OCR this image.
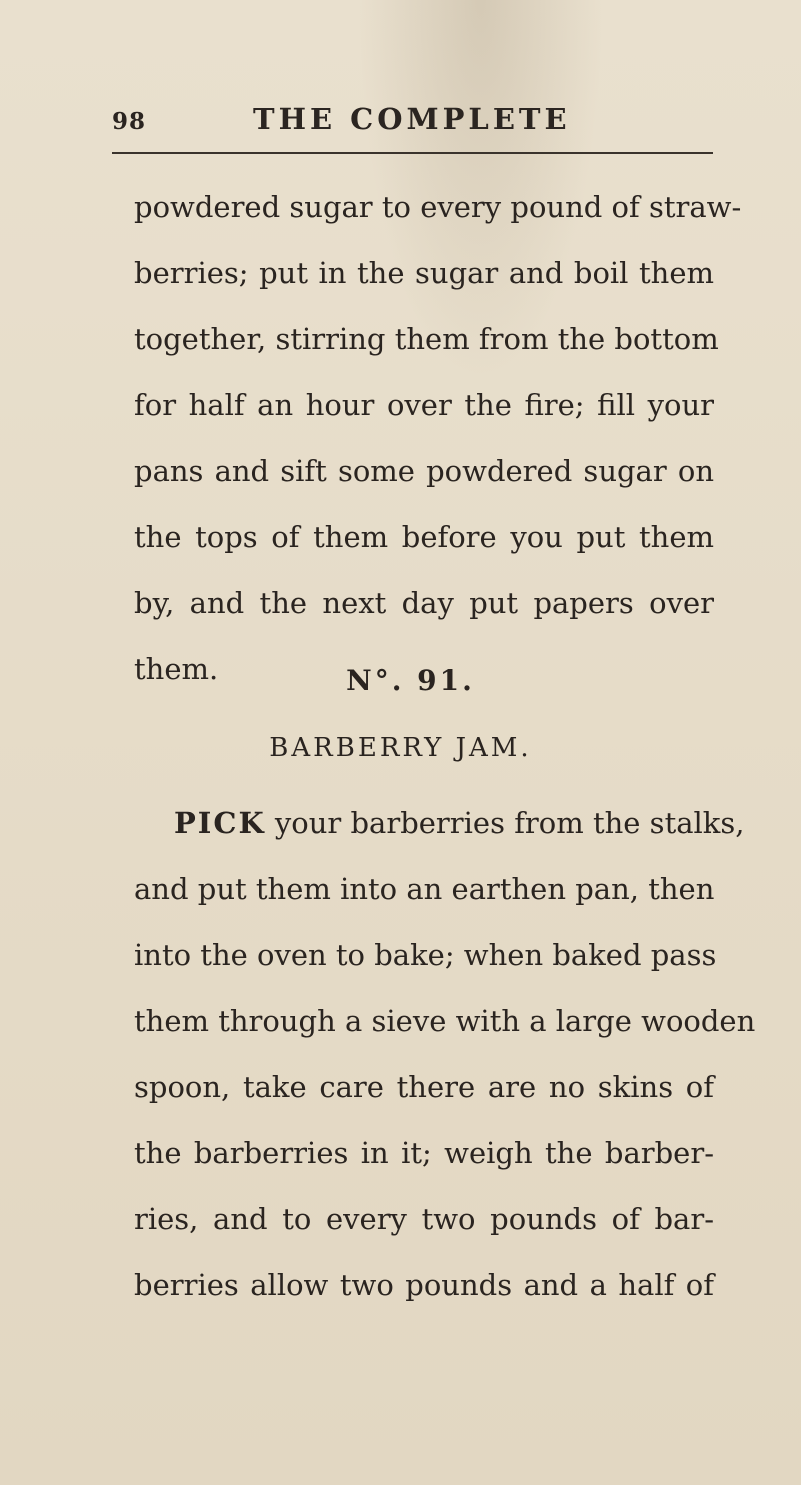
98	THE COMPLETE
powdered sugar to every pound of straw-
berries; put in the sugar and boil them
together, stirring them from the bottom
for half an hour over the fire; fill your
pans and sift some powdered sugar on
the tops of them before you put them
by, and the next day put papers over
them.	N°. 91.
BARBERRY JAM.
PICK your barberries from the stalks,
and put them into an earthen pan, then
into the oven to bake; when baked pass
them through a sieve with a large wooden
spoon, take care there are no skins of
the barberries in it; weigh the barber-
ries, and to every two pounds of bar-
berries allow two pounds and a half of
